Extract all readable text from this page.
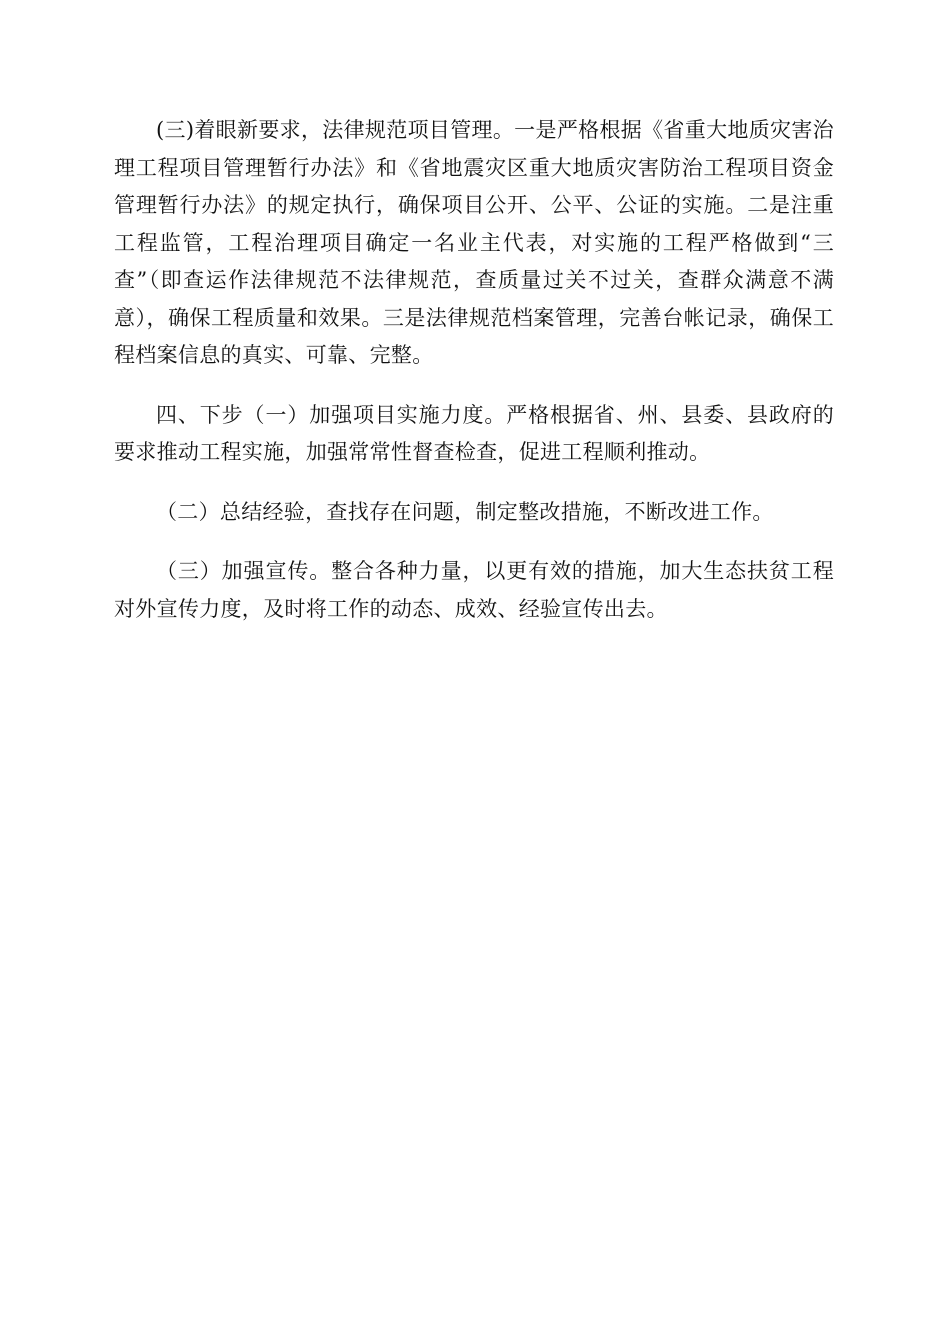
(三)着眼新要求，法律规范项目管理。一是严格根据《省重大地质灾害治理工程项目管理暂行办法》和《省地震灾区重大地质灾害防治工程项目资金管理暂行办法》的规定执行，确保项目公开、公平、公证的实施。二是注重工程监管，工程治理项目确定一名业主代表，对实施的工程严格做到“三查”（即查运作法律规范不法律规范，查质量过关不过关，查群众满意不满意），确保工程质量和效果。三是法律规范档案管理，完善台帐记录，确保工程档案信息的真实、可靠、完整。

四、下步（一）加强项目实施力度。严格根据省、州、县委、县政府的要求推动工程实施，加强常常性督查检查，促进工程顺利推动。

（二）总结经验，查找存在问题，制定整改措施，不断改进工作。

（三）加强宣传。整合各种力量，以更有效的措施，加大生态扶贫工程对外宣传力度，及时将工作的动态、成效、经验宣传出去。
